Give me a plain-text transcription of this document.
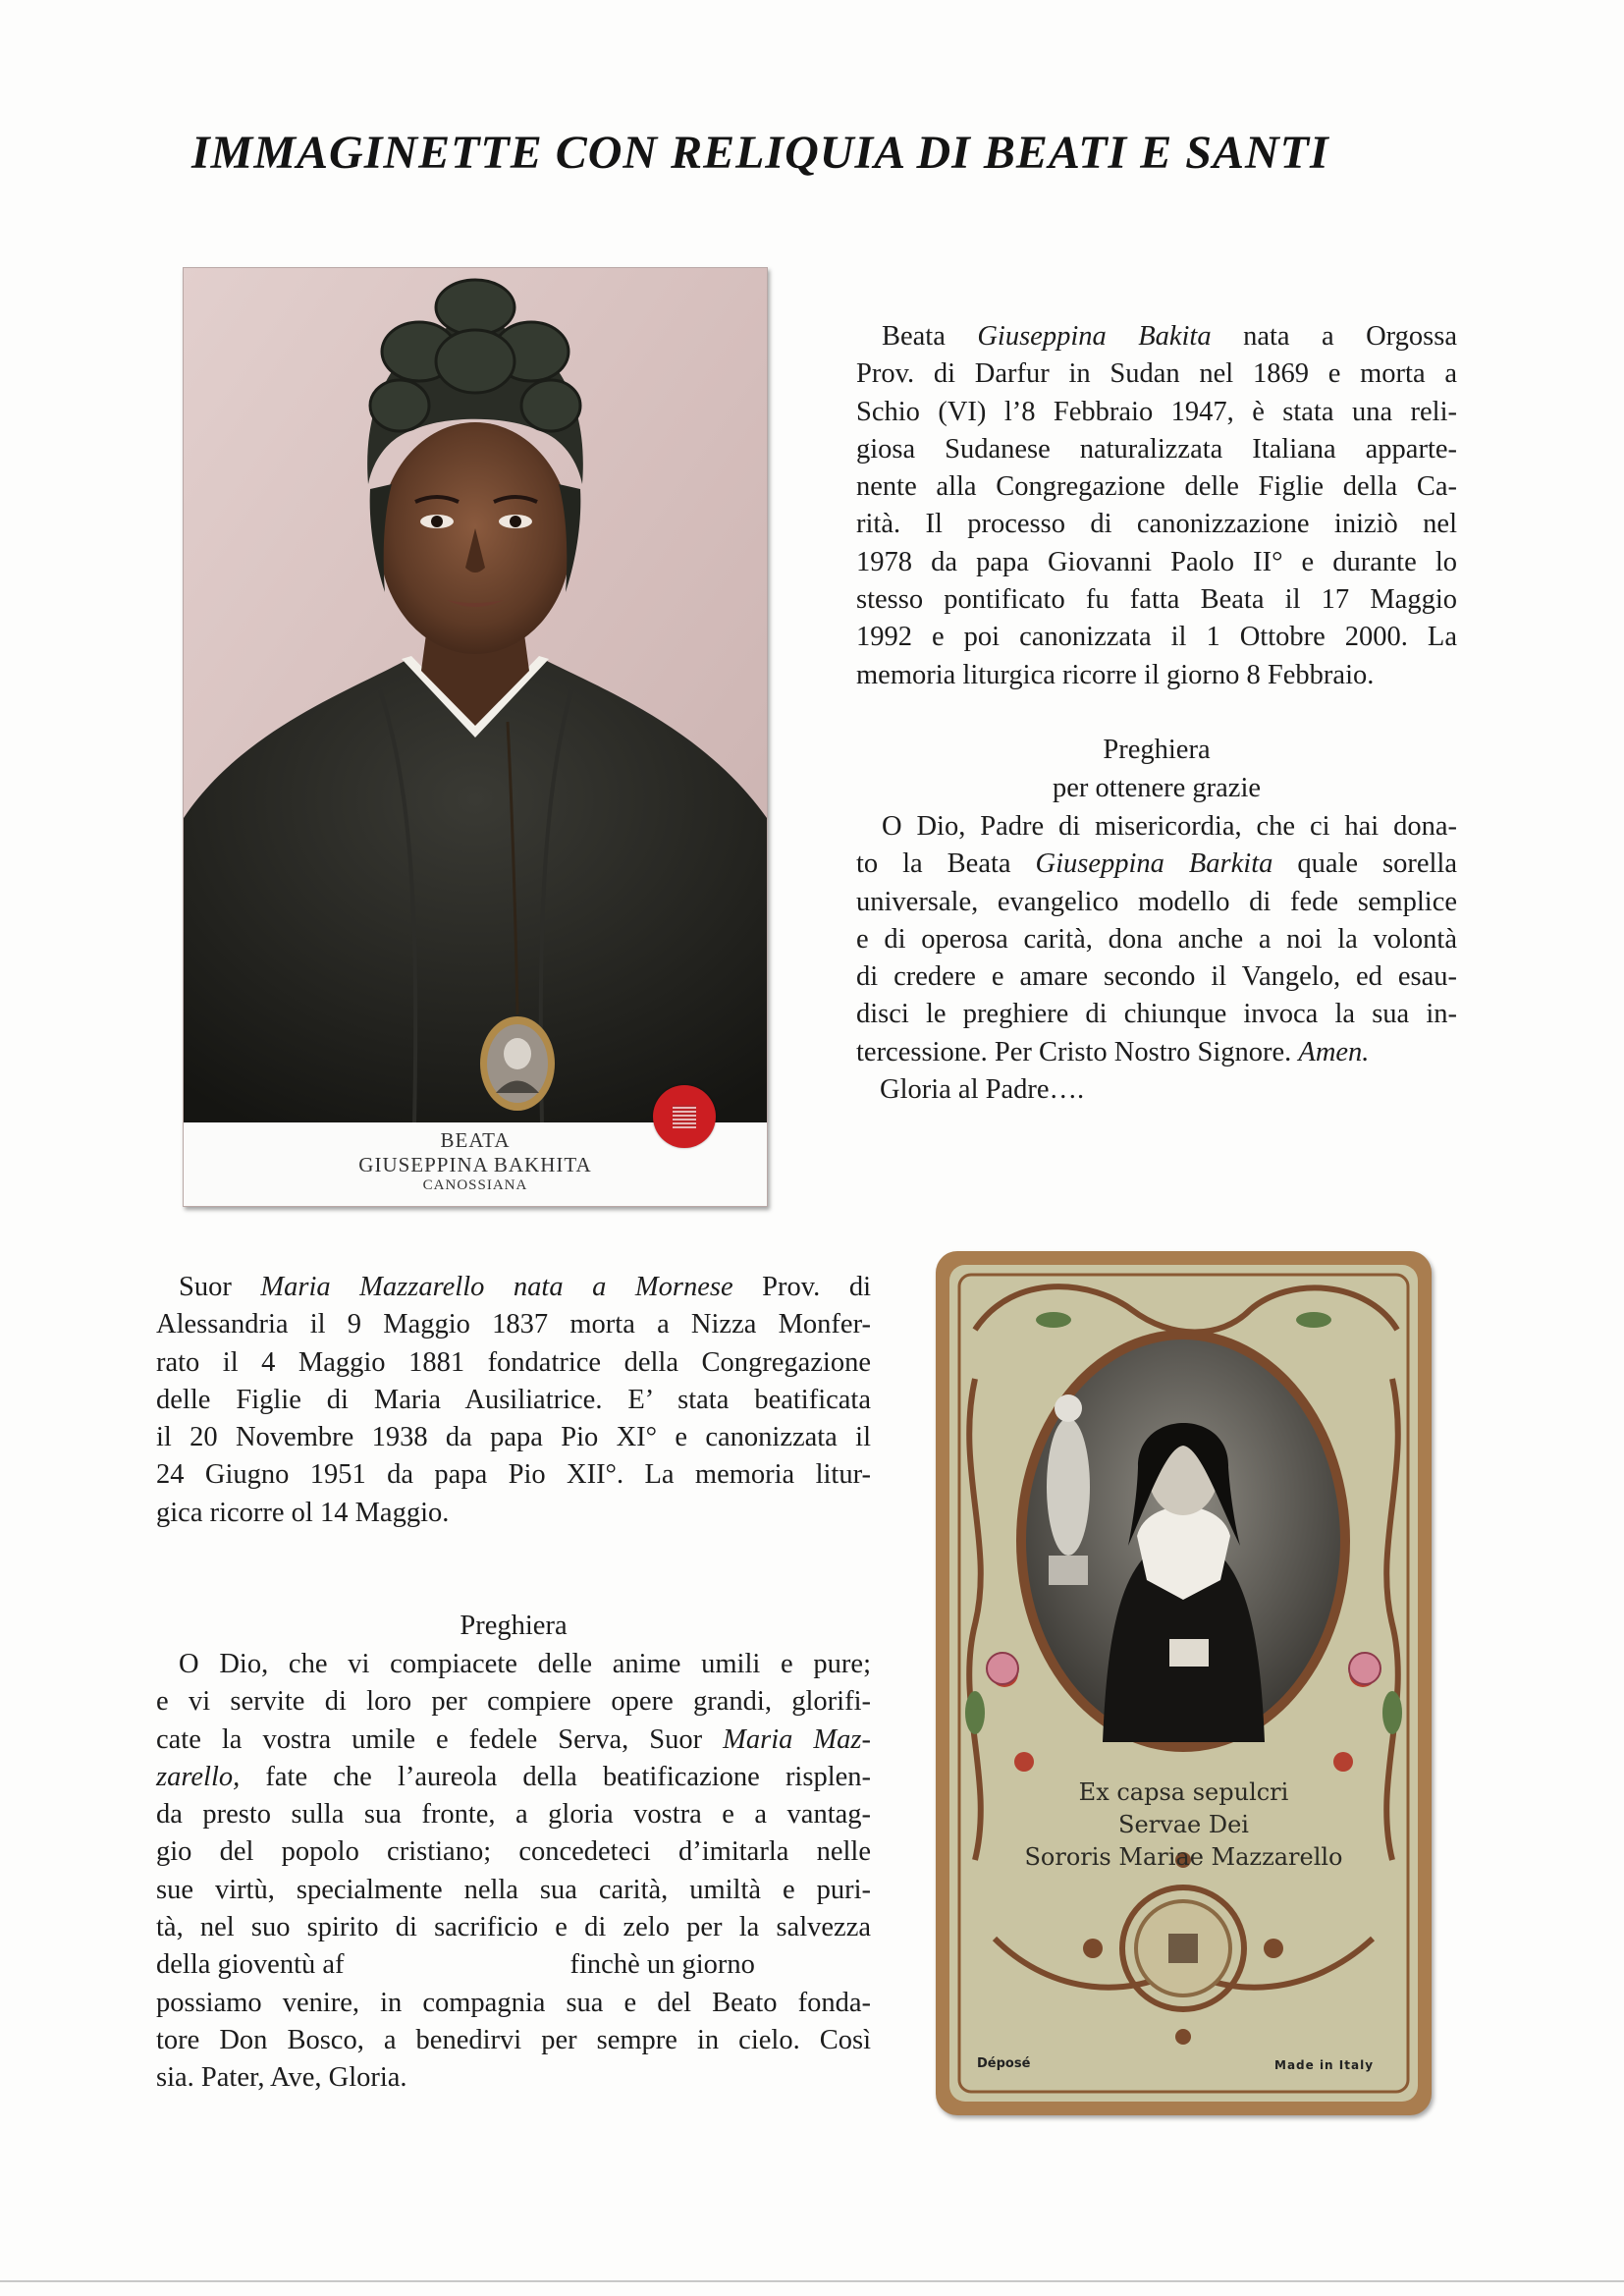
IMMAGINETTE CON RELIQUIA DI BEATI E SANTI
BEATA
GIUSEPPINA BAKHITA
CANOSSIANA

Beata Giuseppina Bakita nata a Orgossa

Prov. di Darfur in Sudan nel 1869 e morta a

Schio (VI) l’8 Febbraio 1947, è stata una reli-

giosa Sudanese naturalizzata Italiana apparte-

nente alla Congregazione delle Figlie della Ca-

rità. Il processo di canonizzazione iniziò nel

1978 da papa Giovanni Paolo II° e durante lo

stesso pontificato fu fatta Beata il 17 Maggio

1992 e poi canonizzata il 1 Ottobre 2000. La

memoria liturgica ricorre il giorno 8 Febbraio.

Preghiera
per ottenere grazie

O Dio, Padre di misericordia, che ci hai dona-

to la Beata Giuseppina Barkita quale sorella

universale, evangelico modello di fede semplice

e di operosa carità, dona anche a noi la volontà

di credere e amare secondo il Vangelo, ed esau-

disci le preghiere di chiunque invoca la sua in-

tercessione. Per Cristo Nostro Signore. Amen.

Gloria al Padre….

Suor Maria Mazzarello nata a Mornese Prov. di

Alessandria il 9 Maggio 1837 morta a Nizza Monfer-

rato il 4 Maggio 1881 fondatrice della Congregazione

delle Figlie di Maria Ausiliatrice. E’ stata beatificata

il 20 Novembre 1938 da papa Pio XI° e canonizzata il

24 Giugno 1951 da papa Pio XII°. La memoria litur-

gica ricorre ol 14 Maggio.

Preghiera

O Dio, che vi compiacete delle anime umili e pure;

e vi servite di loro per compiere opere grandi, glorifi-

cate la vostra umile e fedele Serva, Suor Maria Maz-

zarello, fate che l’aureola della beatificazione risplen-

da presto sulla sua fronte, a gloria vostra e a vantag-

gio del popolo cristiano; concedeteci d’imitarla nelle

sue virtù, specialmente nella sua carità, umiltà e puri-

tà, nel suo spirito di sacrificio e di zelo per la salvezza

della gioventù af	finchè un giorno

possiamo venire, in compagnia sua e del Beato fonda-

tore Don Bosco, a benedirvi per sempre in cielo. Così

sia. Pater, Ave, Gloria.

Ex capsa sepulcri
Servae Dei
Sororis Mariae Mazzarello
Déposé	Made in Italy
